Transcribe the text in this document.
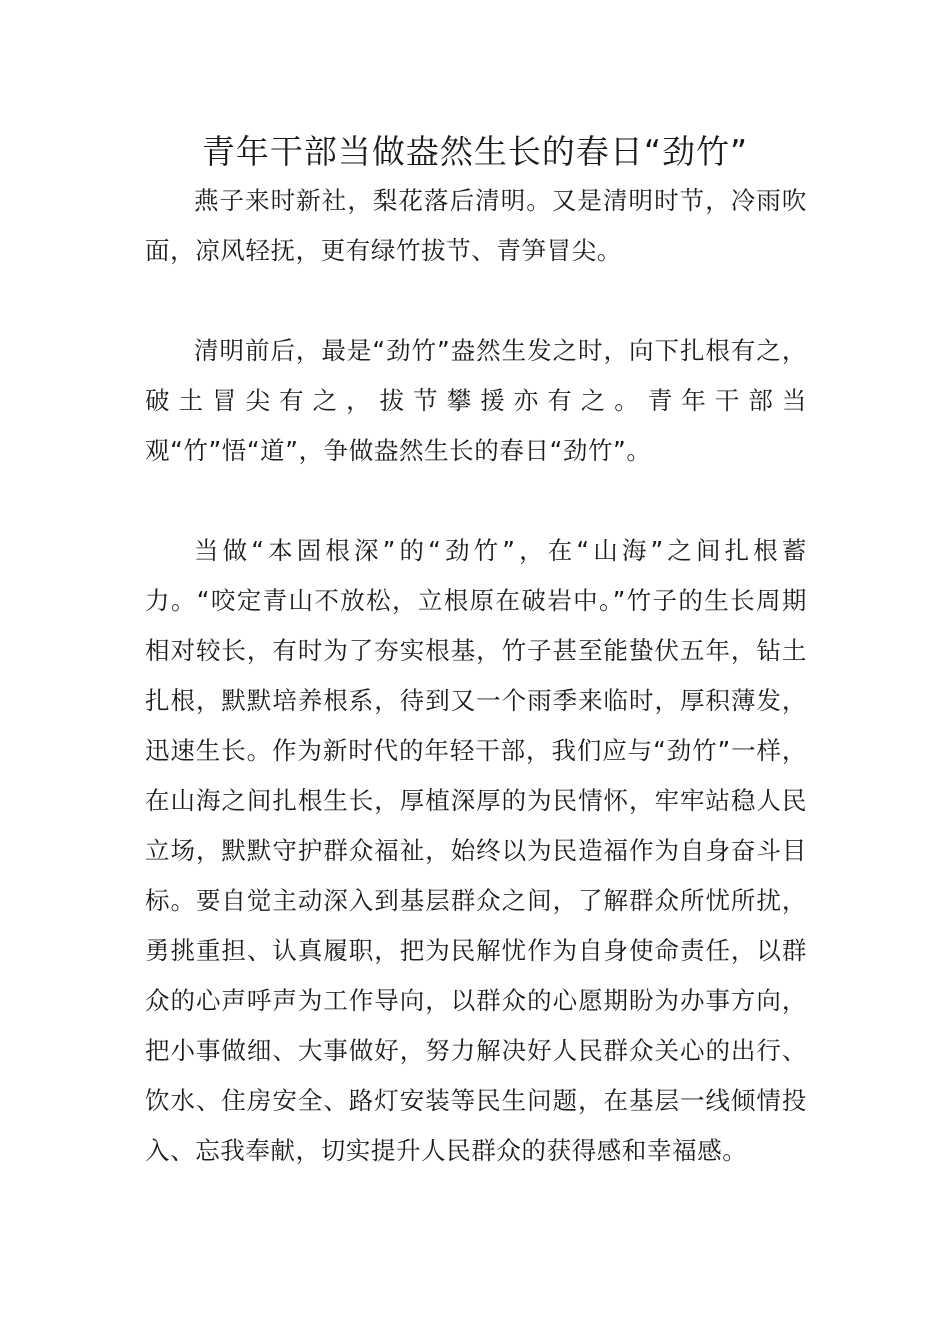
青年干部当做盎然生长的春日“劲竹”

燕子来时新社，梨花落后清明。又是清明时节，冷雨吹面，凉风轻抚，更有绿竹拔节、青笋冒尖。

清明前后，最是“劲竹”盎然生发之时，向下扎根有之，破土冒尖有之，拔节攀援亦有之。青年干部当观“竹”悟“道”，争做盎然生长的春日“劲竹”。

当做“本固根深”的“劲竹”，在“山海”之间扎根蓄力。“咬定青山不放松，立根原在破岩中。”竹子的生长周期相对较长，有时为了夯实根基，竹子甚至能蛰伏五年，钻土扎根，默默培养根系，待到又一个雨季来临时，厚积薄发，迅速生长。作为新时代的年轻干部，我们应与“劲竹”一样，在山海之间扎根生长，厚植深厚的为民情怀，牢牢站稳人民立场，默默守护群众福祉，始终以为民造福作为自身奋斗目标。要自觉主动深入到基层群众之间，了解群众所忧所扰，勇挑重担、认真履职，把为民解忧作为自身使命责任，以群众的心声呼声为工作导向，以群众的心愿期盼为办事方向，把小事做细、大事做好，努力解决好人民群众关心的出行、饮水、住房安全、路灯安装等民生问题，在基层一线倾情投入、忘我奉献，切实提升人民群众的获得感和幸福感。
